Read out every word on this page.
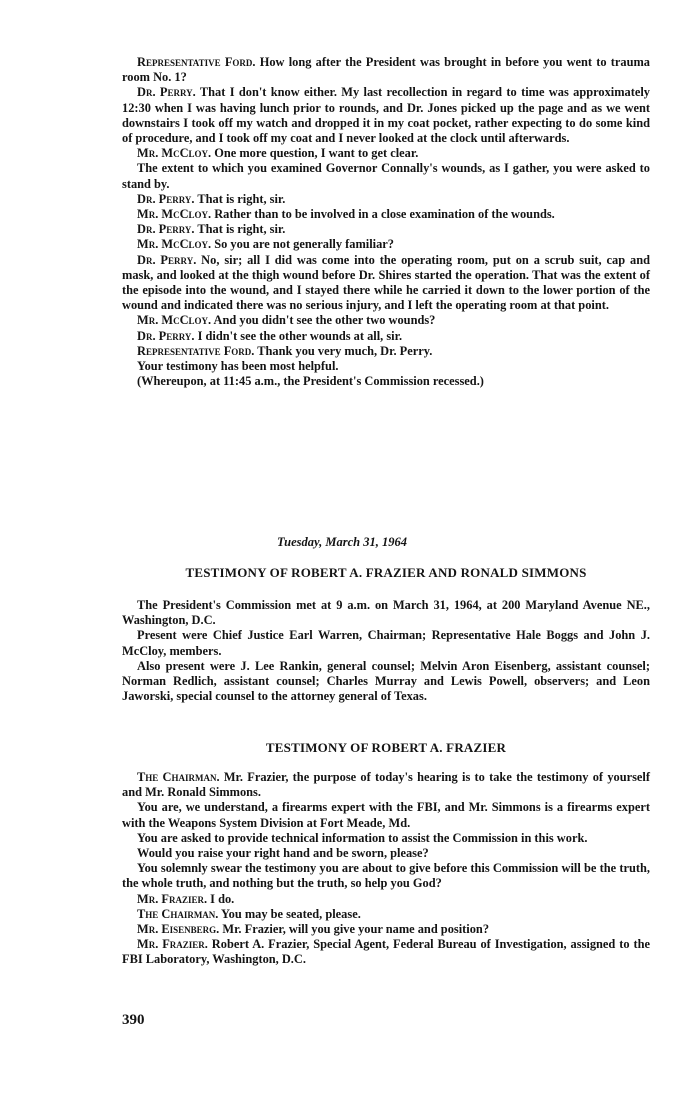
Representative Ford. How long after the President was brought in before you went to trauma room No. 1?

Dr. Perry. That I don't know either. My last recollection in regard to time was approximately 12:30 when I was having lunch prior to rounds, and Dr. Jones picked up the page and as we went downstairs I took off my watch and dropped it in my coat pocket, rather expecting to do some kind of procedure, and I took off my coat and I never looked at the clock until afterwards.

Mr. McCloy. One more question, I want to get clear.

The extent to which you examined Governor Connally's wounds, as I gather, you were asked to stand by.

Dr. Perry. That is right, sir.

Mr. McCloy. Rather than to be involved in a close examination of the wounds.

Dr. Perry. That is right, sir.

Mr. McCloy. So you are not generally familiar?

Dr. Perry. No, sir; all I did was come into the operating room, put on a scrub suit, cap and mask, and looked at the thigh wound before Dr. Shires started the operation. That was the extent of the episode into the wound, and I stayed there while he carried it down to the lower portion of the wound and indicated there was no serious injury, and I left the operating room at that point.

Mr. McCloy. And you didn't see the other two wounds?

Dr. Perry. I didn't see the other wounds at all, sir.

Representative Ford. Thank you very much, Dr. Perry.

Your testimony has been most helpful.

(Whereupon, at 11:45 a.m., the President's Commission recessed.)

Tuesday, March 31, 1964
TESTIMONY OF ROBERT A. FRAZIER AND RONALD SIMMONS

The President's Commission met at 9 a.m. on March 31, 1964, at 200 Maryland Avenue NE., Washington, D.C.

Present were Chief Justice Earl Warren, Chairman; Representative Hale Boggs and John J. McCloy, members.

Also present were J. Lee Rankin, general counsel; Melvin Aron Eisenberg, assistant counsel; Norman Redlich, assistant counsel; Charles Murray and Lewis Powell, observers; and Leon Jaworski, special counsel to the attorney general of Texas.

TESTIMONY OF ROBERT A. FRAZIER

The Chairman. Mr. Frazier, the purpose of today's hearing is to take the testimony of yourself and Mr. Ronald Simmons.

You are, we understand, a firearms expert with the FBI, and Mr. Simmons is a firearms expert with the Weapons System Division at Fort Meade, Md.

You are asked to provide technical information to assist the Commission in this work.

Would you raise your right hand and be sworn, please?

You solemnly swear the testimony you are about to give before this Commission will be the truth, the whole truth, and nothing but the truth, so help you God?

Mr. Frazier. I do.

The Chairman. You may be seated, please.

Mr. Eisenberg. Mr. Frazier, will you give your name and position?

Mr. Frazier. Robert A. Frazier, Special Agent, Federal Bureau of Investigation, assigned to the FBI Laboratory, Washington, D.C.

390
